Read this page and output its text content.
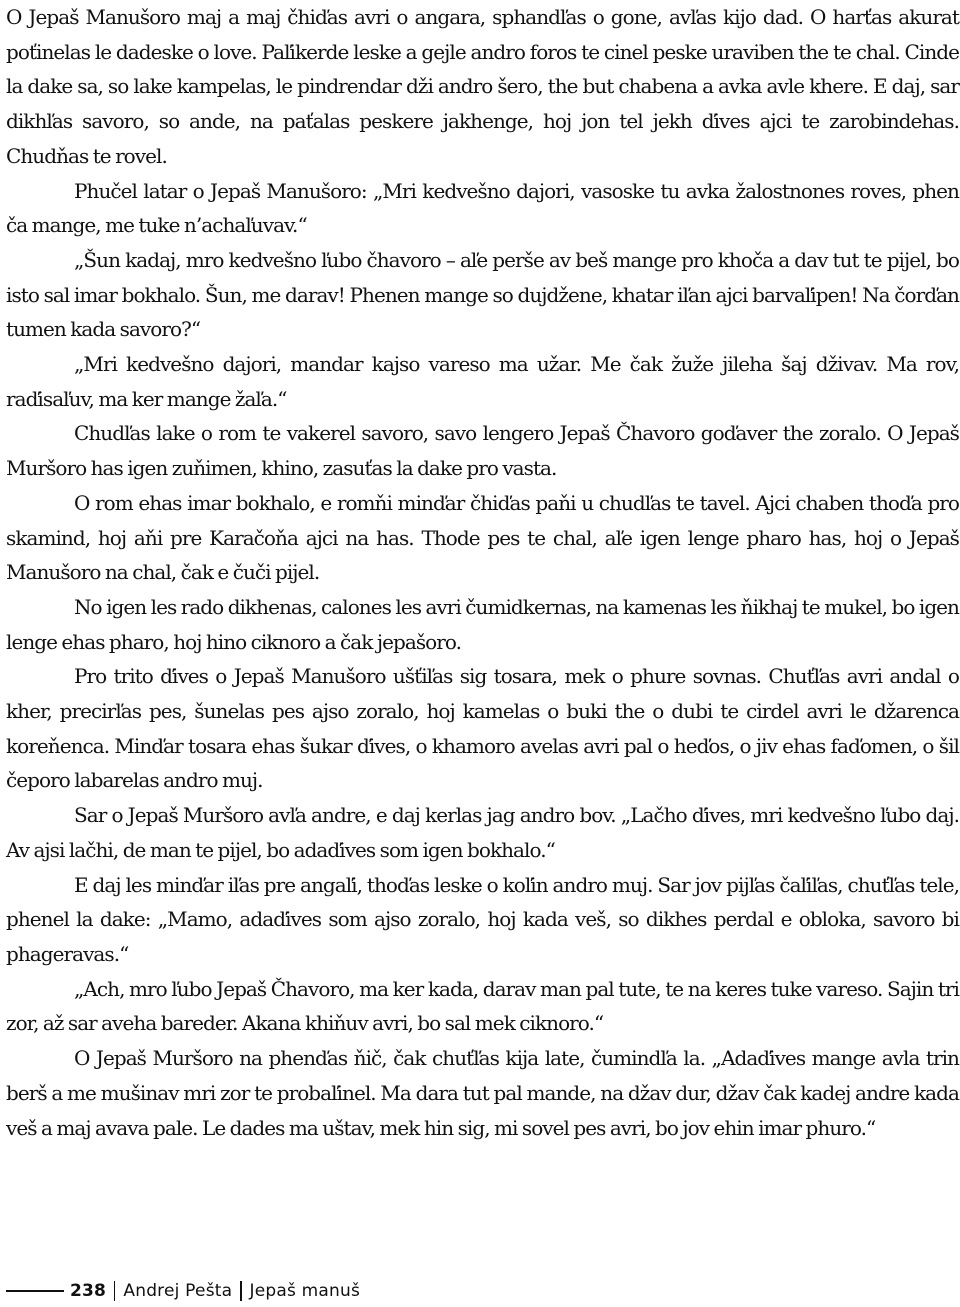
O Jepaš Manušoro maj a maj čhiďas avri o angara, sphandľas o gone, avľas kijo dad. O harťas akurat poťinelas le dadeske o love. Paľikerde leske a gejle andro foros te cinel peske uraviben the te chal. Cinde la dake sa, so lake kampelas, le pindrendar dži andro šero, the but chabena a avka avle khere. E daj, sar dikhľas savoro, so ande, na paťalas peskere jakhenge, hoj jon tel jekh ďives ajci te zarobindehas. Chudňas te rovel.

Phučel latar o Jepaš Manušoro: „Mri kedvešno dajori, vasoske tu avka žalostnones roves, phen ča mange, me tuke n’achaľuvav.“

„Šun kadaj, mro kedvešno ľubo čhavoro – aľe perše av beš mange pro khoča a dav tut te pijel, bo isto sal imar bokhalo. Šun, me darav! Phenen mange so dujdžene, khatar iľan ajci barvaľipen! Na čorďan tumen kada savoro?“

„Mri kedvešno dajori, mandar kajso vareso ma užar. Me čak žuže jileha šaj dživav. Ma rov, raďisaľuv, ma ker mange žaľa.“

Chudľas lake o rom te vakerel savoro, savo lengero Jepaš Čhavoro goďaver the zoralo. O Jepaš Muršoro has igen zuňimen, khino, zasuťas la dake pro vasta.

O rom ehas imar bokhalo, e romňi minďar čhiďas paňi u chudľas te tavel. Ajci chaben thoďa pro skamind, hoj aňi pre Karačoňa ajci na has. Thode pes te chal, aľe igen lenge pharo has, hoj o Jepaš Manušoro na chal, čak e čuči pijel.

No igen les rado dikhenas, calones les avri čumidkernas, na kamenas les ňikhaj te mukel, bo igen lenge ehas pharo, hoj hino ciknoro a čak jepašoro.

Pro trito ďives o Jepaš Manušoro ušťiľas sig tosara, mek o phure sovnas. Chuťľas avri andal o kher, precirľas pes, šunelas pes ajso zoralo, hoj kamelas o buki the o dubi te cirdel avri le džarenca koreňenca. Minďar tosara ehas šukar ďives, o khamoro avelas avri pal o heďos, o jiv ehas faďomen, o šil čeporo labarelas andro muj.

Sar o Jepaš Muršoro avľa andre, e daj kerlas jag andro bov. „Lačho ďives, mri kedvešno ľubo daj. Av ajsi lačhi, de man te pijel, bo adaďives som igen bokhalo.“

E daj les minďar iľas pre angaľi, thoďas leske o koľin andro muj. Sar jov pijľas čaľiľas, chuťľas tele, phenel la dake: „Mamo, adaďives som ajso zoralo, hoj kada veš, so dikhes perdal e obloka, savoro bi phageravas.“

„Ach, mro ľubo Jepaš Čhavoro, ma ker kada, darav man pal tute, te na keres tuke vareso. Sajin tri zor, až sar aveha bareder. Akana khiňuv avri, bo sal mek ciknoro.“

O Jepaš Muršoro na phenďas ňič, čak chuťľas kija late, čumindľa la. „Adaďives mange avla trin berš a me mušinav mri zor te probaľinel. Ma dara tut pal mande, na džav dur, džav čak kadej andre kada veš a maj avava pale. Le dades ma uštav, mek hin sig, mi sovel pes avri, bo jov ehin imar phuro.“

238 Andrej Pešta Jepaš manuš
